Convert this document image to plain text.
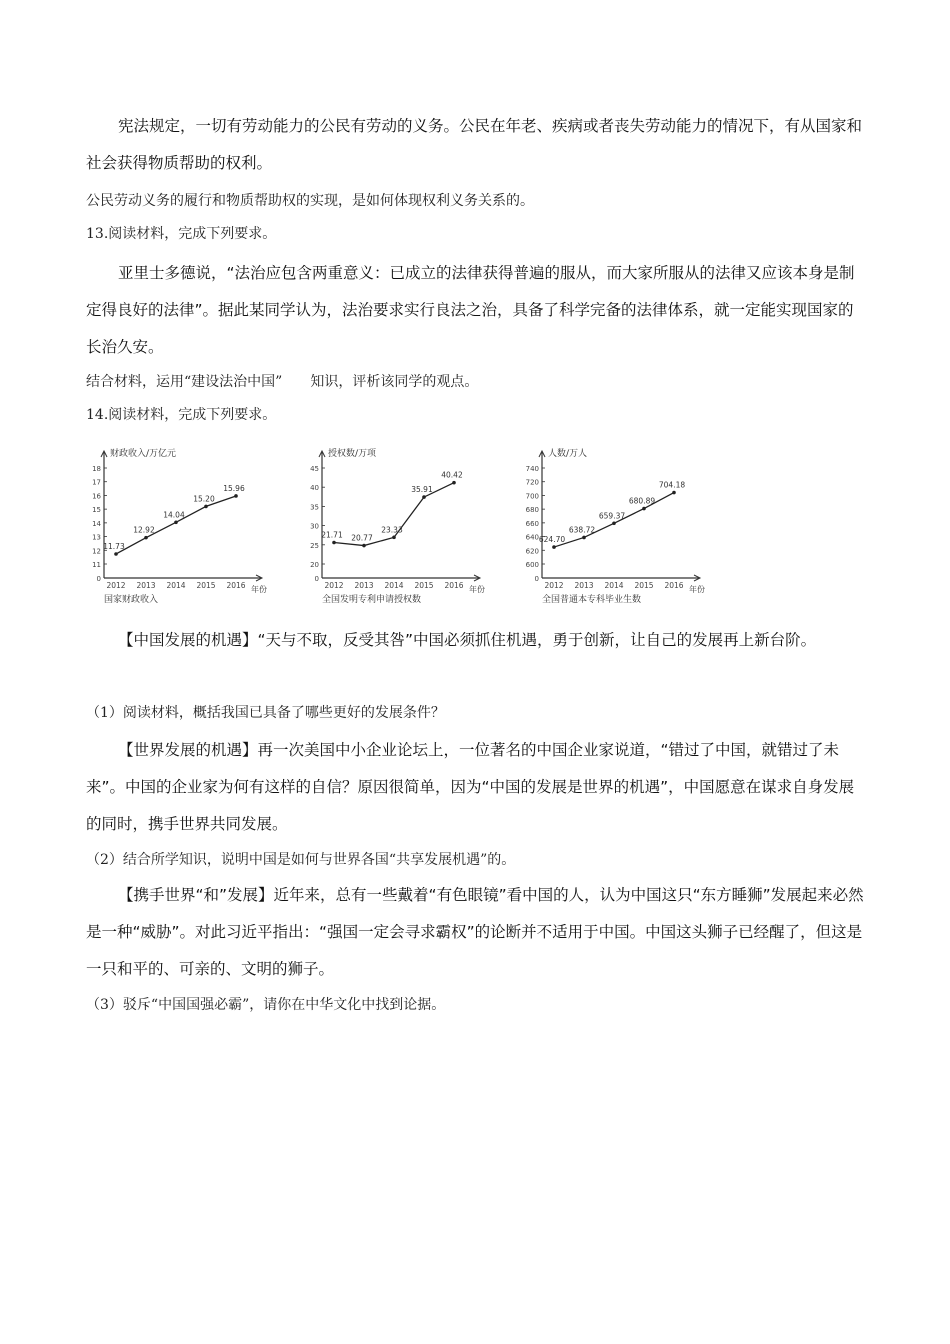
宪法规定，一切有劳动能力的公民有劳动的义务。公民在年老、疾病或者丧失劳动能力的情况下，有从国家和社会获得物质帮助的权利。
公民劳动义务的履行和物质帮助权的实现，是如何体现权利义务关系的。
13.阅读材料，完成下列要求。
亚里士多德说，“法治应包含两重意义：已成立的法律获得普遍的服从，而大家所服从的法律又应该本身是制定得良好的法律”。据此某同学认为，法治要求实行良法之治，具备了科学完备的法律体系，就一定能实现国家的长治久安。
结合材料，运用“建设法治中国” 知识，评析该同学的观点。
14.阅读材料，完成下列要求。
财政收入/万亿元
年份
0
11
12
13
14
15
16
17
18
2012 2013 2014 2015 2016
11.73
12.92
14.04
15.20
15.96
国家财政收入
授权数/万项
年份
0
20
25
30
35
40
45
2012 2013 2014 2015 2016
21.71 20.77
23.33
35.91
40.42
全国发明专利申请授权数
人数/万人
年份
0
600
620
640
660
680
700
720
740
2012 2013 2014 2015 2016
624.70
638.72
659.37
680.89
704.18
全国普通本专科毕业生数
【中国发展的机遇】“天与不取，反受其咎”中国必须抓住机遇，勇于创新，让自己的发展再上新台阶。
（1）阅读材料，概括我国已具备了哪些更好的发展条件？
【世界发展的机遇】再一次美国中小企业论坛上，一位著名的中国企业家说道，“错过了中国，就错过了未来”。中国的企业家为何有这样的自信？原因很简单，因为“中国的发展是世界的机遇”，中国愿意在谋求自身发展的同时，携手世界共同发展。
（2）结合所学知识，说明中国是如何与世界各国“共享发展机遇”的。
【携手世界“和”发展】近年来，总有一些戴着“有色眼镜”看中国的人，认为中国这只“东方睡狮”发展起来必然是一种“威胁”。对此习近平指出：“强国一定会寻求霸权”的论断并不适用于中国。中国这头狮子已经醒了，但这是一只和平的、可亲的、文明的狮子。
（3）驳斥“中国国强必霸”，请你在中华文化中找到论据。
